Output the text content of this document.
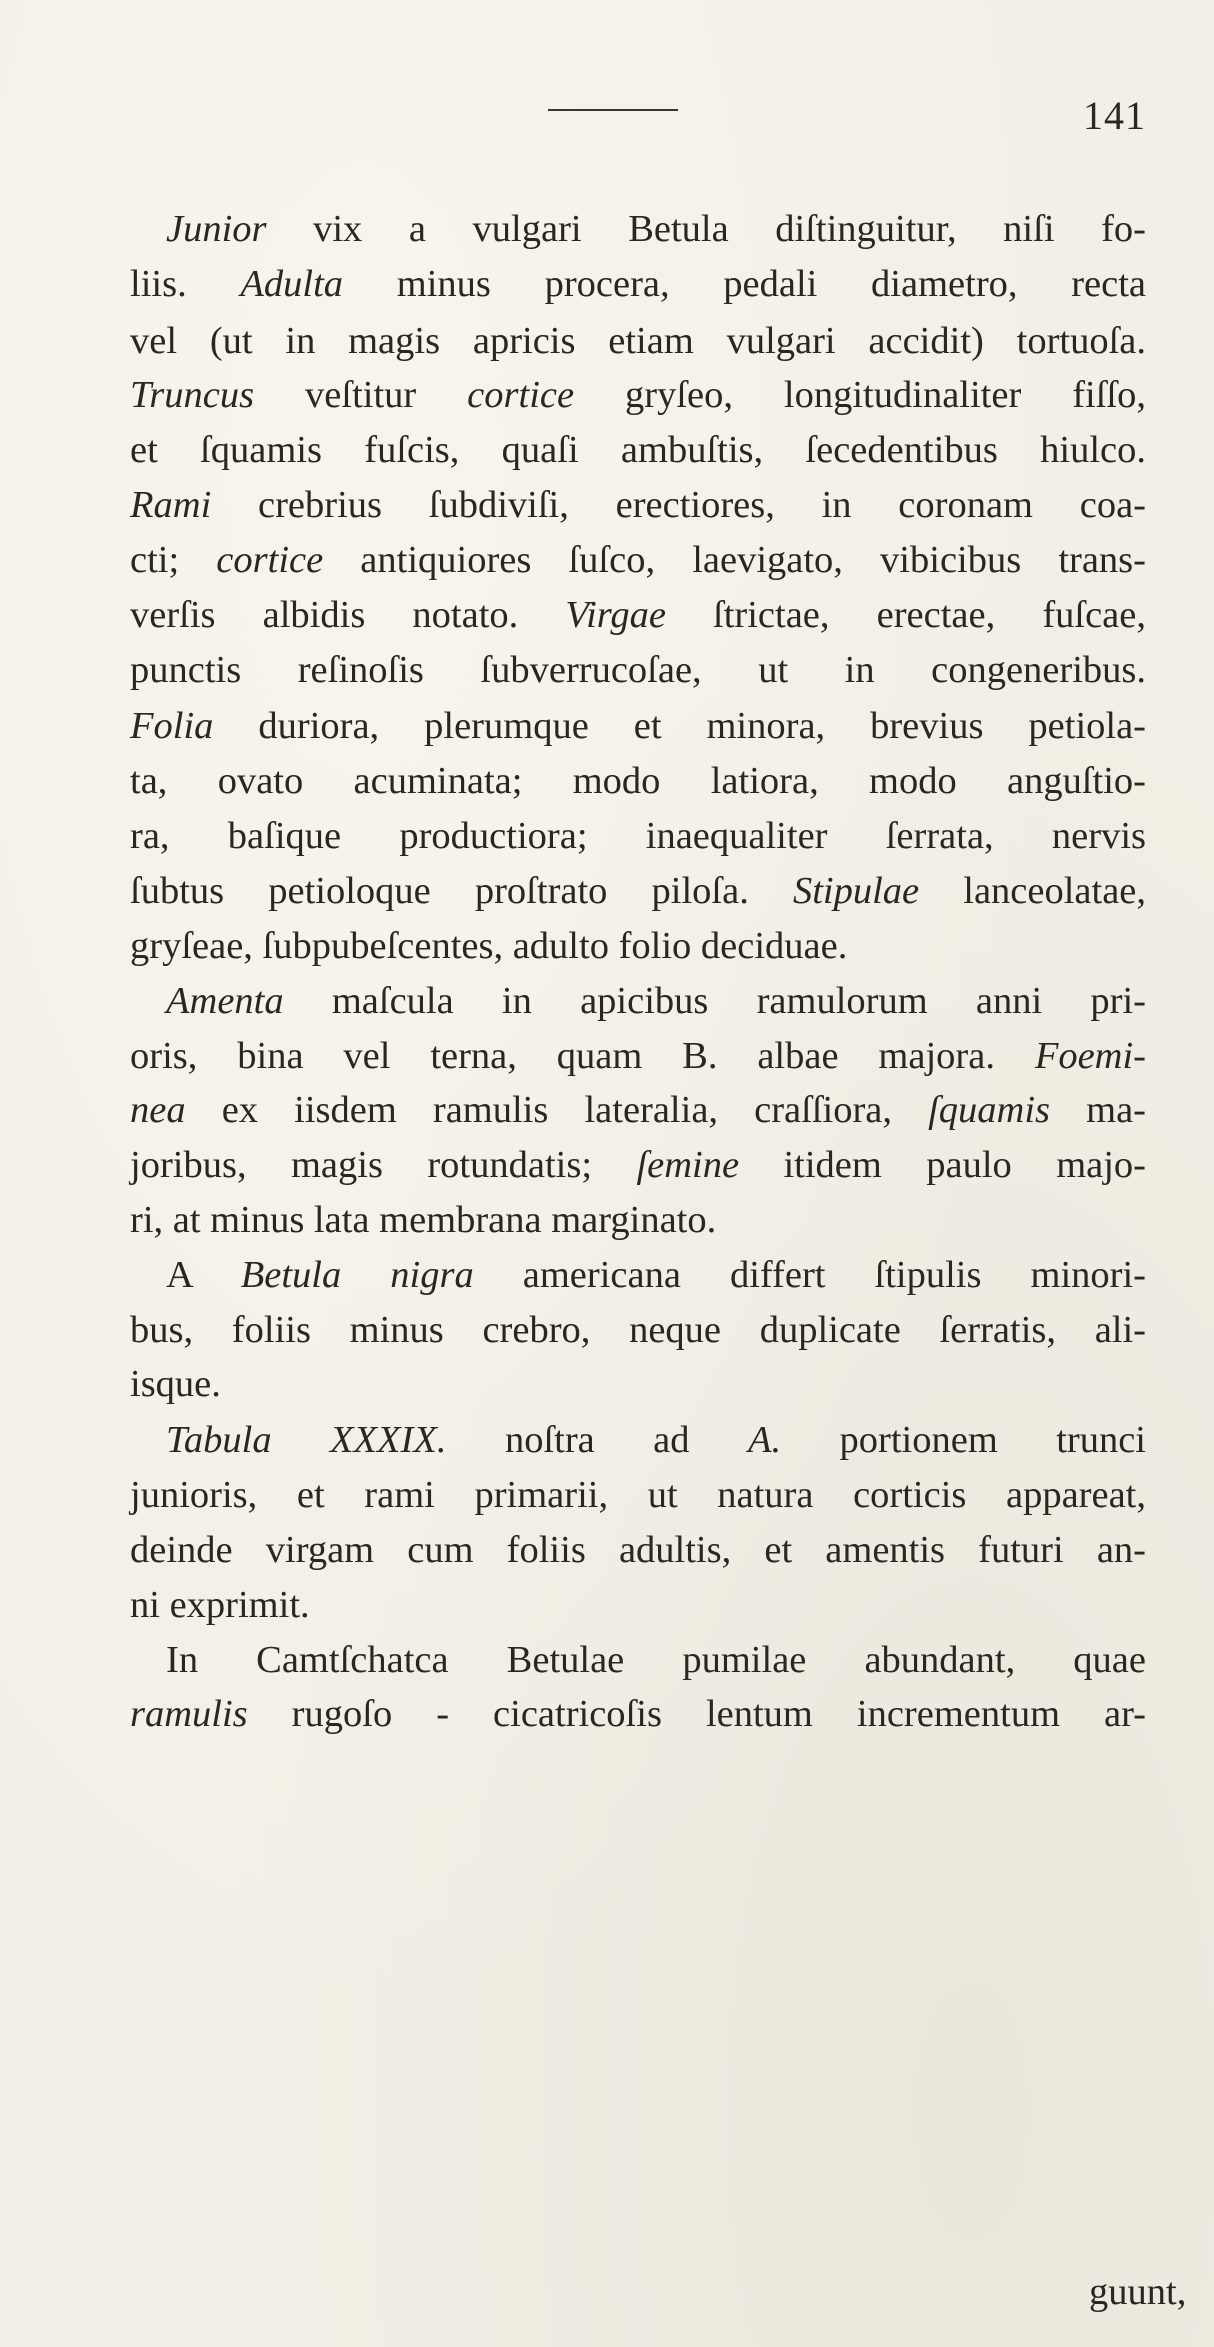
141
Junior vix a vulgari Betula diſtinguitur, niſi fo-
liis. Adulta minus procera, pedali diametro, recta
vel (ut in magis apricis etiam vulgari accidit) tortuoſa.
Truncus veſtitur cortice gryſeo, longitudinaliter fiſſo,
et ſquamis fuſcis, quaſi ambuſtis, ſecedentibus hiulco.
Rami crebrius ſubdiviſi, erectiores, in coronam coa-
cti; cortice antiquiores ſuſco, laevigato, vibicibus trans-
verſis albidis notato. Virgae ſtrictae, erectae, fuſcae,
punctis reſinoſis ſubverrucoſae, ut in congeneribus.
Folia duriora, plerumque et minora, brevius petiola-
ta, ovato acuminata; modo latiora, modo anguſtio-
ra, baſique productiora; inaequaliter ſerrata, nervis
ſubtus petioloque proſtrato piloſa. Stipulae lanceolatae,
gryſeae, ſubpubeſcentes, adulto folio deciduae.
Amenta maſcula in apicibus ramulorum anni pri-
oris, bina vel terna, quam B. albae majora. Foemi-
nea ex iisdem ramulis lateralia, craſſiora, ſquamis ma-
joribus, magis rotundatis; ſemine itidem paulo majo-
ri, at minus lata membrana marginato.
A Betula nigra americana differt ſtipulis minori-
bus, foliis minus crebro, neque duplicate ſerratis, ali-
isque.
Tabula XXXIX. noſtra ad A. portionem trunci
junioris, et rami primarii, ut natura corticis appareat,
deinde virgam cum foliis adultis, et amentis futuri an-
ni exprimit.
In Camtſchatca Betulae pumilae abundant, quae
ramulis rugoſo - cicatricoſis lentum incrementum ar-
guunt,
